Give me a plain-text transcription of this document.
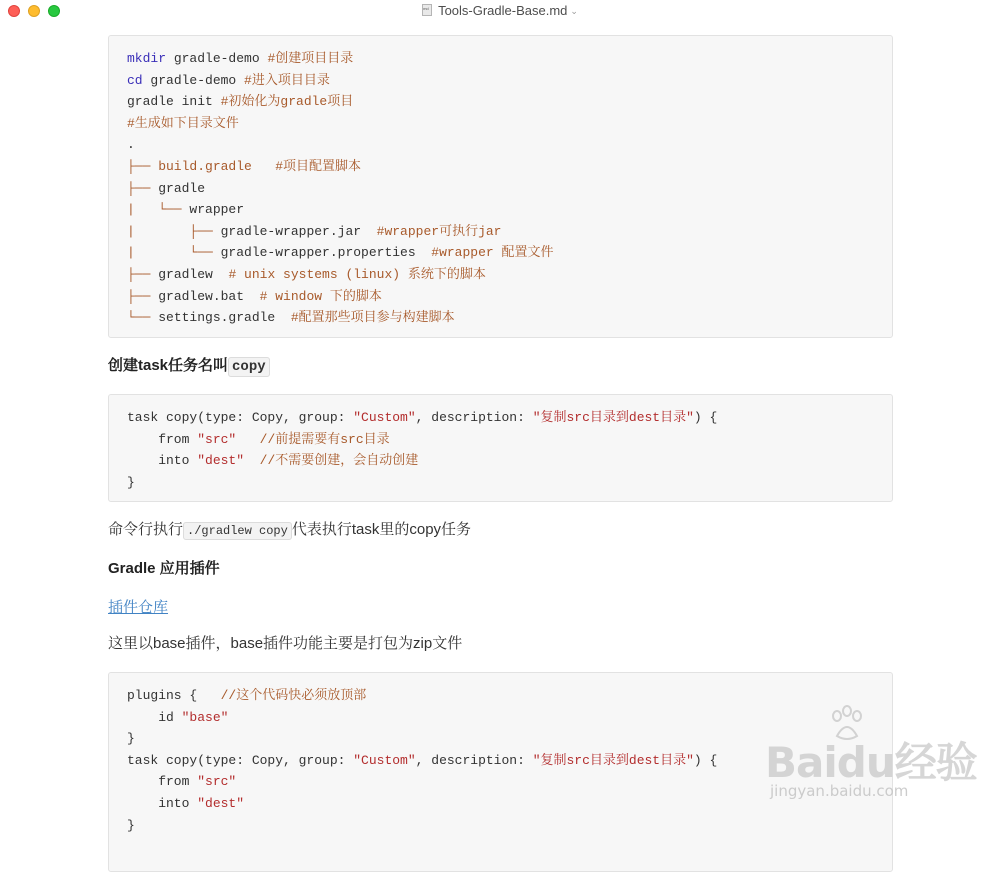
mdTools-Gradle-Base.md ⌄
mkdir gradle-demo #创建项目目录
cd gradle-demo #进入项目目录
gradle init #初始化为gradle项目
#生成如下目录文件
.
├── build.gradle   #项目配置脚本
├── gradle
|   └── wrapper
|       ├── gradle-wrapper.jar  #wrapper可执行jar
|       └── gradle-wrapper.properties  #wrapper 配置文件
├── gradlew  # unix systems (linux) 系统下的脚本
├── gradlew.bat  # window 下的脚本
└── settings.gradle  #配置那些项目参与构建脚本
创建task任务名叫 copy
task copy(type: Copy, group: "Custom", description: "复制src目录到dest目录") {
from "src" //前提需要有src目录
into "dest" //不需要创建，会自动创建
}
命令行执行 ./gradlew copy 代表执行task里的copy任务
Gradle 应用插件
插件仓库
这里以base插件，base插件功能主要是打包为zip文件
plugins {   //这个代码快必须放顶部
id "base"
}
task copy(type: Copy, group: "Custom", description: "复制src目录到dest目录") {
from "src"
into "dest"
}
Baidu经验
jingyan.baidu.com
